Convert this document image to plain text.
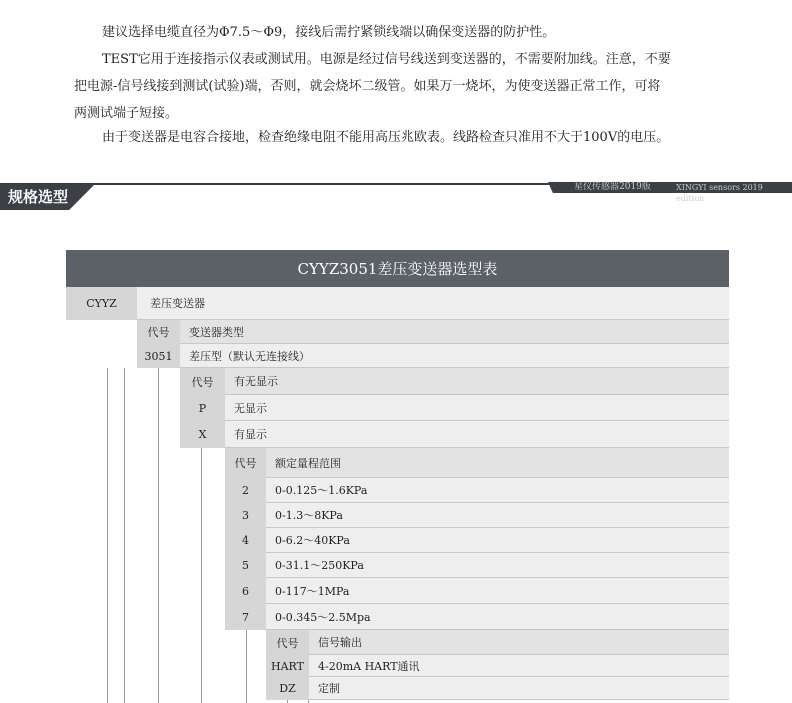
建议选择电缆直径为Φ7.5～Φ9，接线后需拧紧锁线端以确保变送器的防护性。

TEST它用于连接指示仪表或测试用。电源是经过信号线送到变送器的，不需要附加线。注意，不要

把电源-信号线接到测试(试验)端，否则，就会烧坏二级管。如果万一烧坏，为使变送器正常工作，可将

两测试端子短接。

由于变送器是电容合接地，检查绝缘电阻不能用高压兆欧表。线路检查只准用不大于100V的电压。

规格选型
星仪传感器2019版	XINGYI sensors 2019 edition
CYYZ3051差压变送器选型表
CYYZ	差压变送器
代号	变送器类型
3051	差压型（默认无连接线）
代号	有无显示
P	无显示
X	有显示
代号	额定量程范围
2	0-0.125～1.6KPa
3	0-1.3～8KPa
4	0-6.2～40KPa
5	0-31.1～250KPa
6	0-117～1MPa
7	0-0.345～2.5Mpa
代号	信号输出
HART	4-20mA HART通讯
DZ	定制
